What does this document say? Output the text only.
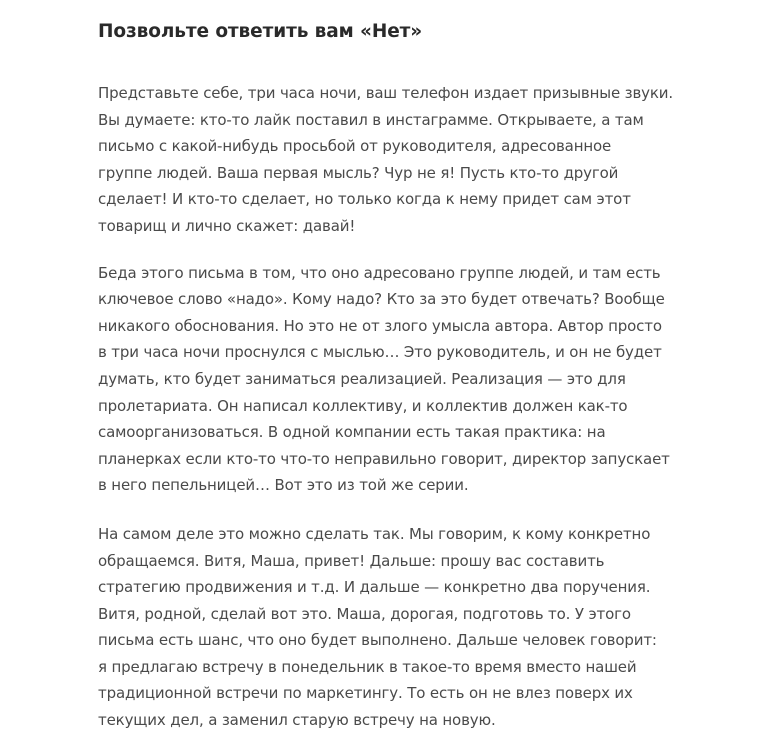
Позвольте ответить вам «Нет»
Представьте себе, три часа ночи, ваш телефон издает призывные звуки.
Вы думаете: кто-то лайк поставил в инстаграмме. Открываете, а там
письмо с какой-нибудь просьбой от руководителя, адресованное
группе людей. Ваша первая мысль? Чур не я! Пусть кто-то другой
сделает! И кто-то сделает, но только когда к нему придет сам этот
товарищ и лично скажет: давай!
Беда этого письма в том, что оно адресовано группе людей, и там есть
ключевое слово «надо». Кому надо? Кто за это будет отвечать? Вообще
никакого обоснования. Но это не от злого умысла автора. Автор просто
в три часа ночи проснулся с мыслью… Это руководитель, и он не будет
думать, кто будет заниматься реализацией. Реализация — это для
пролетариата. Он написал коллективу, и коллектив должен как-то
самоорганизоваться. В одной компании есть такая практика: на
планерках если кто-то что-то неправильно говорит, директор запускает
в него пепельницей… Вот это из той же серии.
На самом деле это можно сделать так. Мы говорим, к кому конкретно
обращаемся. Витя, Маша, привет! Дальше: прошу вас составить
стратегию продвижения и т.д. И дальше — конкретно два поручения.
Витя, родной, сделай вот это. Маша, дорогая, подготовь то. У этого
письма есть шанс, что оно будет выполнено. Дальше человек говорит:
я предлагаю встречу в понедельник в такое-то время вместо нашей
традиционной встречи по маркетингу. То есть он не влез поверх их
текущих дел, а заменил старую встречу на новую.
